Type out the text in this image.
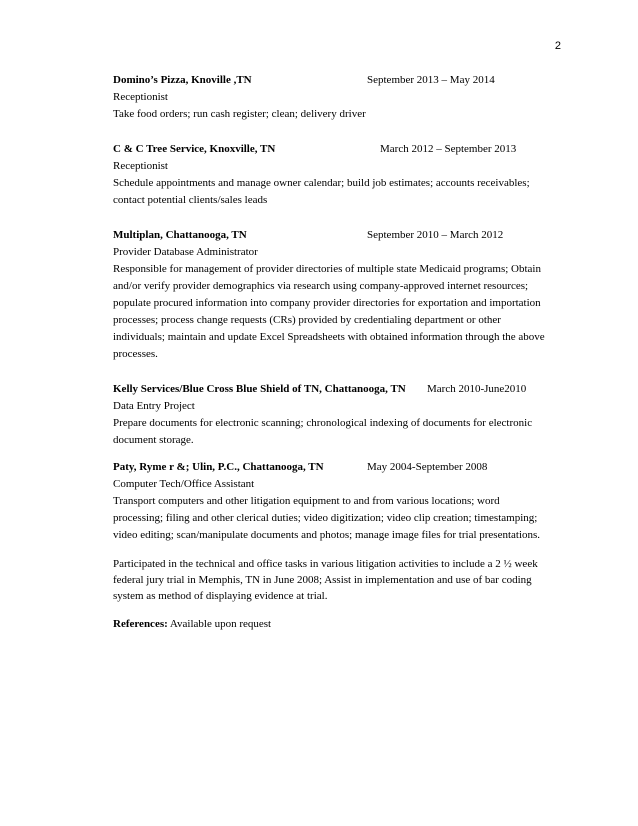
2
Domino’s Pizza, Knoville ,TN	September 2013 – May 2014
Receptionist
Take food orders; run cash register; clean; delivery driver
C & C Tree Service, Knoxville, TN	March 2012 – September 2013
Receptionist
Schedule appointments and manage owner calendar; build job estimates; accounts receivables;
contact potential clients/sales leads
Multiplan, Chattanooga, TN	September 2010 – March 2012
Provider Database Administrator
Responsible for management of provider directories of multiple state Medicaid programs; Obtain
and/or verify provider demographics via research using company-approved internet resources;
populate procured information into company provider directories for exportation and importation
processes; process change requests (CRs) provided by credentialing department or other
individuals; maintain and update Excel Spreadsheets with obtained information through the above
processes.
Kelly Services/Blue Cross Blue Shield of TN, Chattanooga, TN March 2010-June2010
Data Entry Project
Prepare documents for electronic scanning; chronological indexing of documents for electronic
document storage.
Paty, Ryme r &; Ulin, P.C., Chattanooga, TN	May 2004-September 2008
Computer Tech/Office Assistant
Transport computers and other litigation equipment to and from various locations; word
processing; filing and other clerical duties; video digitization; video clip creation; timestamping;
video editing; scan/manipulate documents and photos; manage image files for trial presentations.
Participated in the technical and office tasks in various litigation activities to include a 2 ½ week
federal jury trial in Memphis, TN in June 2008; Assist in implementation and use of bar coding
system as method of displaying evidence at trial.
References: Available upon request
